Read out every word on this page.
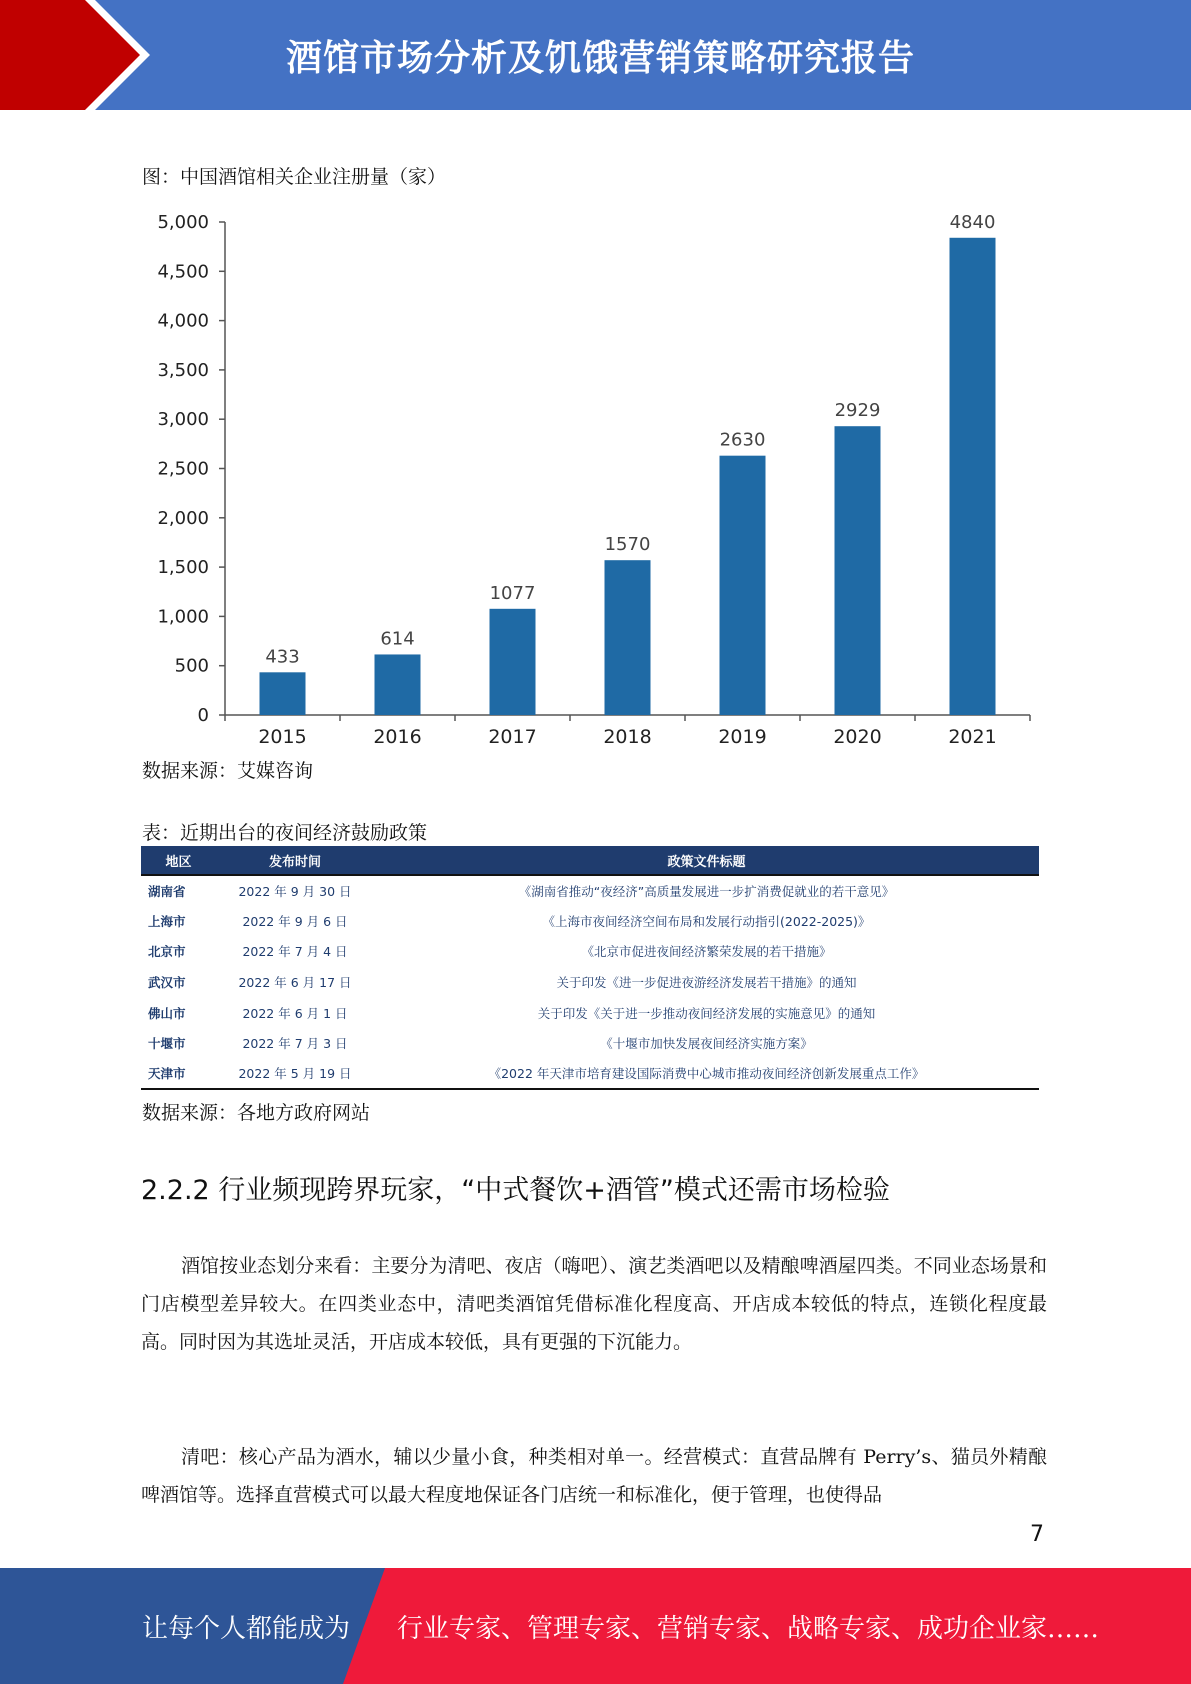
酒馆市场分析及饥饿营销策略研究报告
图：中国酒馆相关企业注册量（家）
0
500
1,000
1,500
2,000
2,500
3,000
3,500
4,000
4,500
5,000
433
2015
614
2016
1077
2017
1570
2018
2630
2019
2929
2020
4840
2021
数据来源：艾媒咨询
表：近期出台的夜间经济鼓励政策
地区	发布时间	政策文件标题
湖南省	2022 年 9 月 30 日	《湖南省推动“夜经济”高质量发展进一步扩消费促就业的若干意见》
上海市	2022 年 9 月 6 日	《上海市夜间经济空间布局和发展行动指引(2022-2025)》
北京市	2022 年 7 月 4 日	《北京市促进夜间经济繁荣发展的若干措施》
武汉市	2022 年 6 月 17 日	关于印发《进一步促进夜游经济发展若干措施》的通知
佛山市	2022 年 6 月 1 日	关于印发《关于进一步推动夜间经济发展的实施意见》的通知
十堰市	2022 年 7 月 3 日	《十堰市加快发展夜间经济实施方案》
天津市	2022 年 5 月 19 日	《2022 年天津市培育建设国际消费中心城市推动夜间经济创新发展重点工作》
数据来源：各地方政府网站
2.2.2 行业频现跨界玩家，“中式餐饮+酒管”模式还需市场检验

酒馆按业态划分来看：主要分为清吧、夜店（嗨吧）、演艺类酒吧以及精酿啤酒屋四类。不同业态场景和门店模型差异较大。在四类业态中，清吧类酒馆凭借标准化程度高、开店成本较低的特点，连锁化程度最高。同时因为其选址灵活，开店成本较低，具有更强的下沉能力。

清吧：核心产品为酒水，辅以少量小食，种类相对单一。经营模式：直营品牌有 Perry’s、猫员外精酿啤酒馆等。选择直营模式可以最大程度地保证各门店统一和标准化，便于管理，也使得品

7
让每个人都能成为 行业专家、管理专家、营销专家、战略专家、成功企业家……
